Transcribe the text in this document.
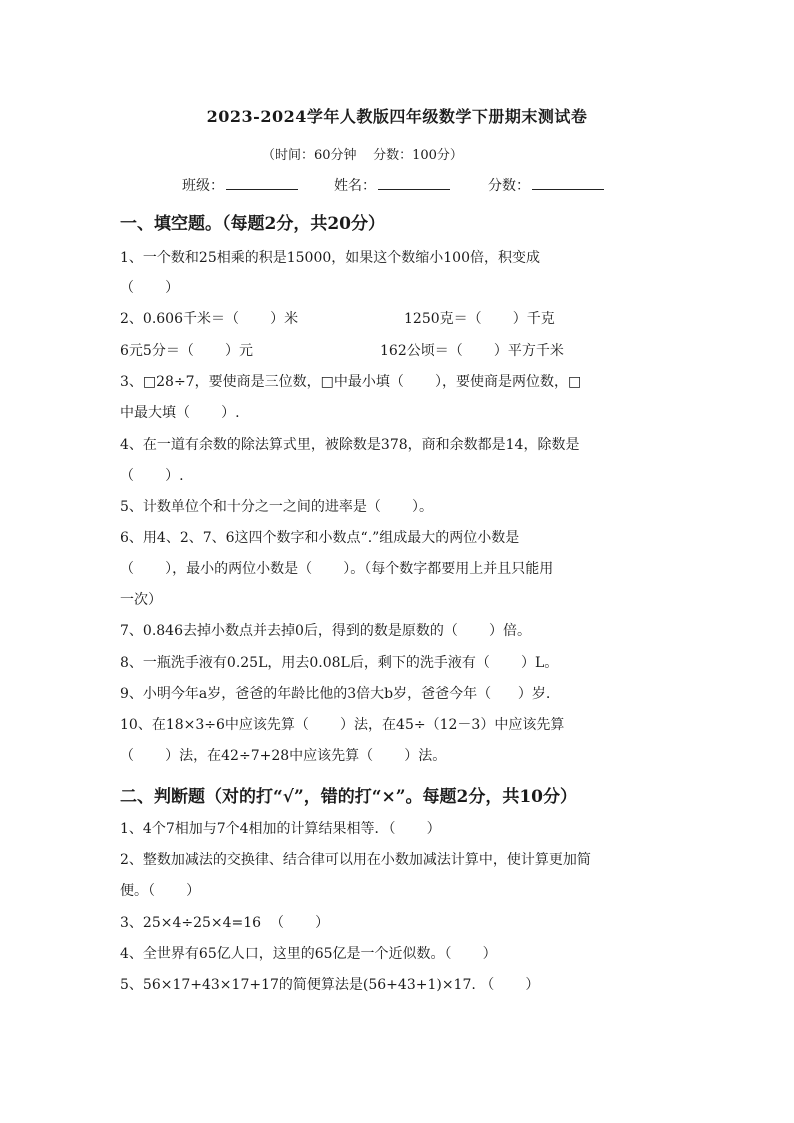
2023-2024学年人教版四年级数学下册期末测试卷
（时间：60分钟    分数：100分）
班级：	姓名：	分数：
一、填空题。（每题2分，共20分）
1、一个数和25相乘的积是15000，如果这个数缩小100倍，积变成
（       ）
2、0.606千米＝（       ）米	1250克＝（       ）千克
6元5分＝（       ）元	162公顷＝（       ）平方千米
3、□28÷7，要使商是三位数，□中最小填（       ），要使商是两位数，□
中最大填（       ）.
4、在一道有余数的除法算式里，被除数是378，商和余数都是14，除数是
（       ）.
5、计数单位个和十分之一之间的进率是（       ）。
6、用4、2、7、6这四个数字和小数点“.”组成最大的两位小数是
（       ），最小的两位小数是（       ）。（每个数字都要用上并且只能用
一次）
7、0.846去掉小数点并去掉0后，得到的数是原数的（       ）倍。
8、一瓶洗手液有0.25L，用去0.08L后，剩下的洗手液有（       ）L。
9、小明今年a岁，爸爸的年龄比他的3倍大b岁，爸爸今年（      ）岁.
10、在18×3÷6中应该先算（       ）法，在45÷（12－3）中应该先算
（       ）法，在42÷7+28中应该先算（       ）法。
二、判断题（对的打“√”，错的打“×”。每题2分，共10分）
1、4个7相加与7个4相加的计算结果相等．（       ）
2、整数加减法的交换律、结合律可以用在小数加减法计算中，使计算更加简
便。（       ）
3、25×4÷25×4=16  （       ）
4、全世界有65亿人口，这里的65亿是一个近似数。（       ）
5、56×17+43×17+17的简便算法是(56+43+1)×17. （       ）
